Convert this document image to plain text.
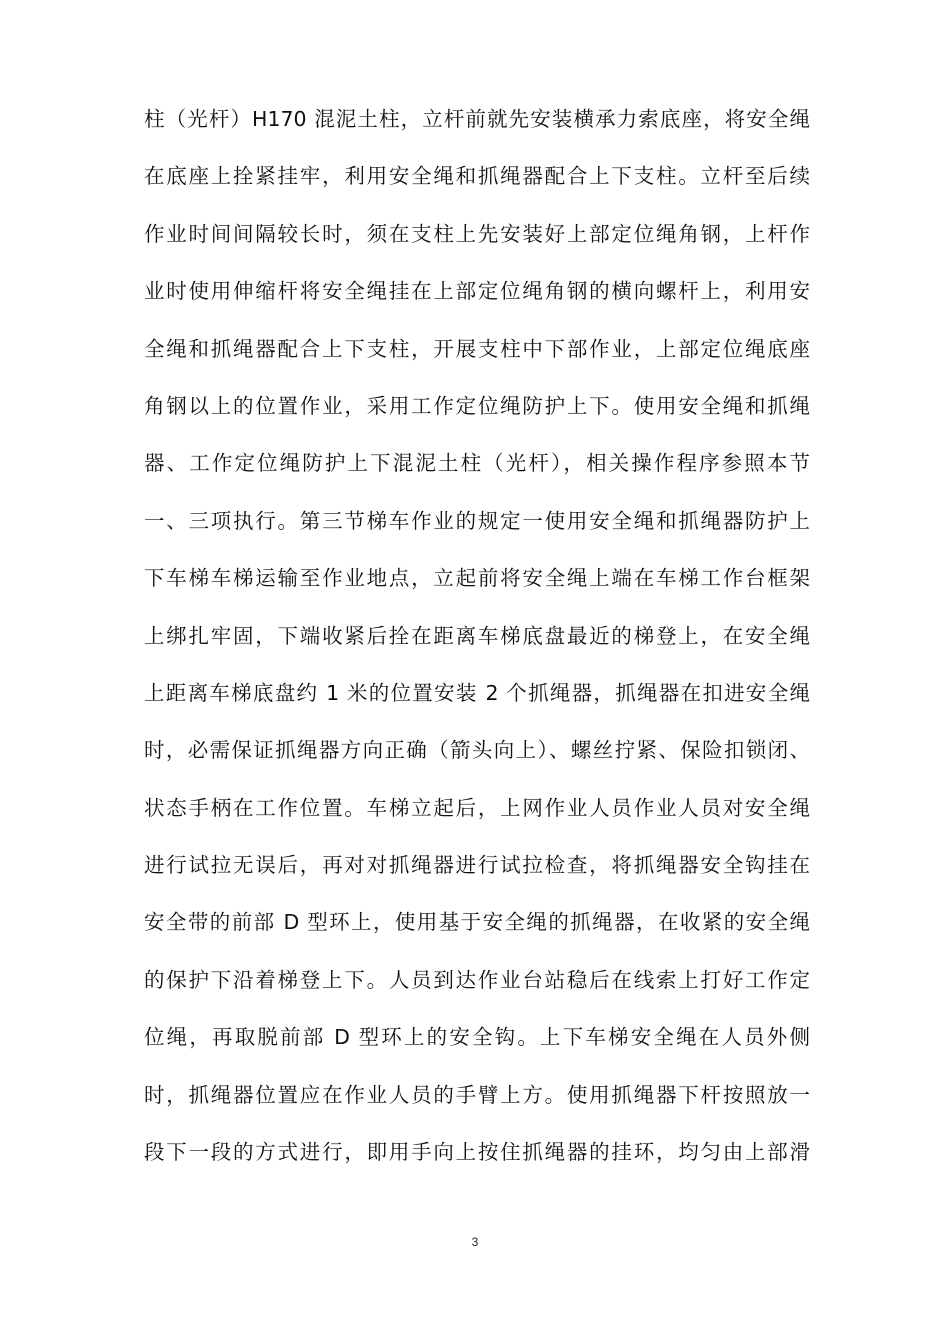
柱（光杆）H170 混泥土柱，立杆前就先安装横承力索底座，将安全绳
在底座上拴紧挂牢，利用安全绳和抓绳器配合上下支柱。立杆至后续
作业时间间隔较长时，须在支柱上先安装好上部定位绳角钢，上杆作
业时使用伸缩杆将安全绳挂在上部定位绳角钢的横向螺杆上，利用安
全绳和抓绳器配合上下支柱，开展支柱中下部作业，上部定位绳底座
角钢以上的位置作业，采用工作定位绳防护上下。使用安全绳和抓绳
器、工作定位绳防护上下混泥土柱（光杆），相关操作程序参照本节
一、三项执行。第三节梯车作业的规定一使用安全绳和抓绳器防护上
下车梯车梯运输至作业地点，立起前将安全绳上端在车梯工作台框架
上绑扎牢固，下端收紧后拴在距离车梯底盘最近的梯登上，在安全绳
上距离车梯底盘约 1 米的位置安装 2 个抓绳器，抓绳器在扣进安全绳
时，必需保证抓绳器方向正确（箭头向上）、螺丝拧紧、保险扣锁闭、
状态手柄在工作位置。车梯立起后，上网作业人员作业人员对安全绳
进行试拉无误后，再对对抓绳器进行试拉检查，将抓绳器安全钩挂在
安全带的前部 D 型环上，使用基于安全绳的抓绳器，在收紧的安全绳
的保护下沿着梯登上下。人员到达作业台站稳后在线索上打好工作定
位绳，再取脱前部 D 型环上的安全钩。上下车梯安全绳在人员外侧
时，抓绳器位置应在作业人员的手臂上方。使用抓绳器下杆按照放一
段下一段的方式进行，即用手向上按住抓绳器的挂环，均匀由上部滑
3
